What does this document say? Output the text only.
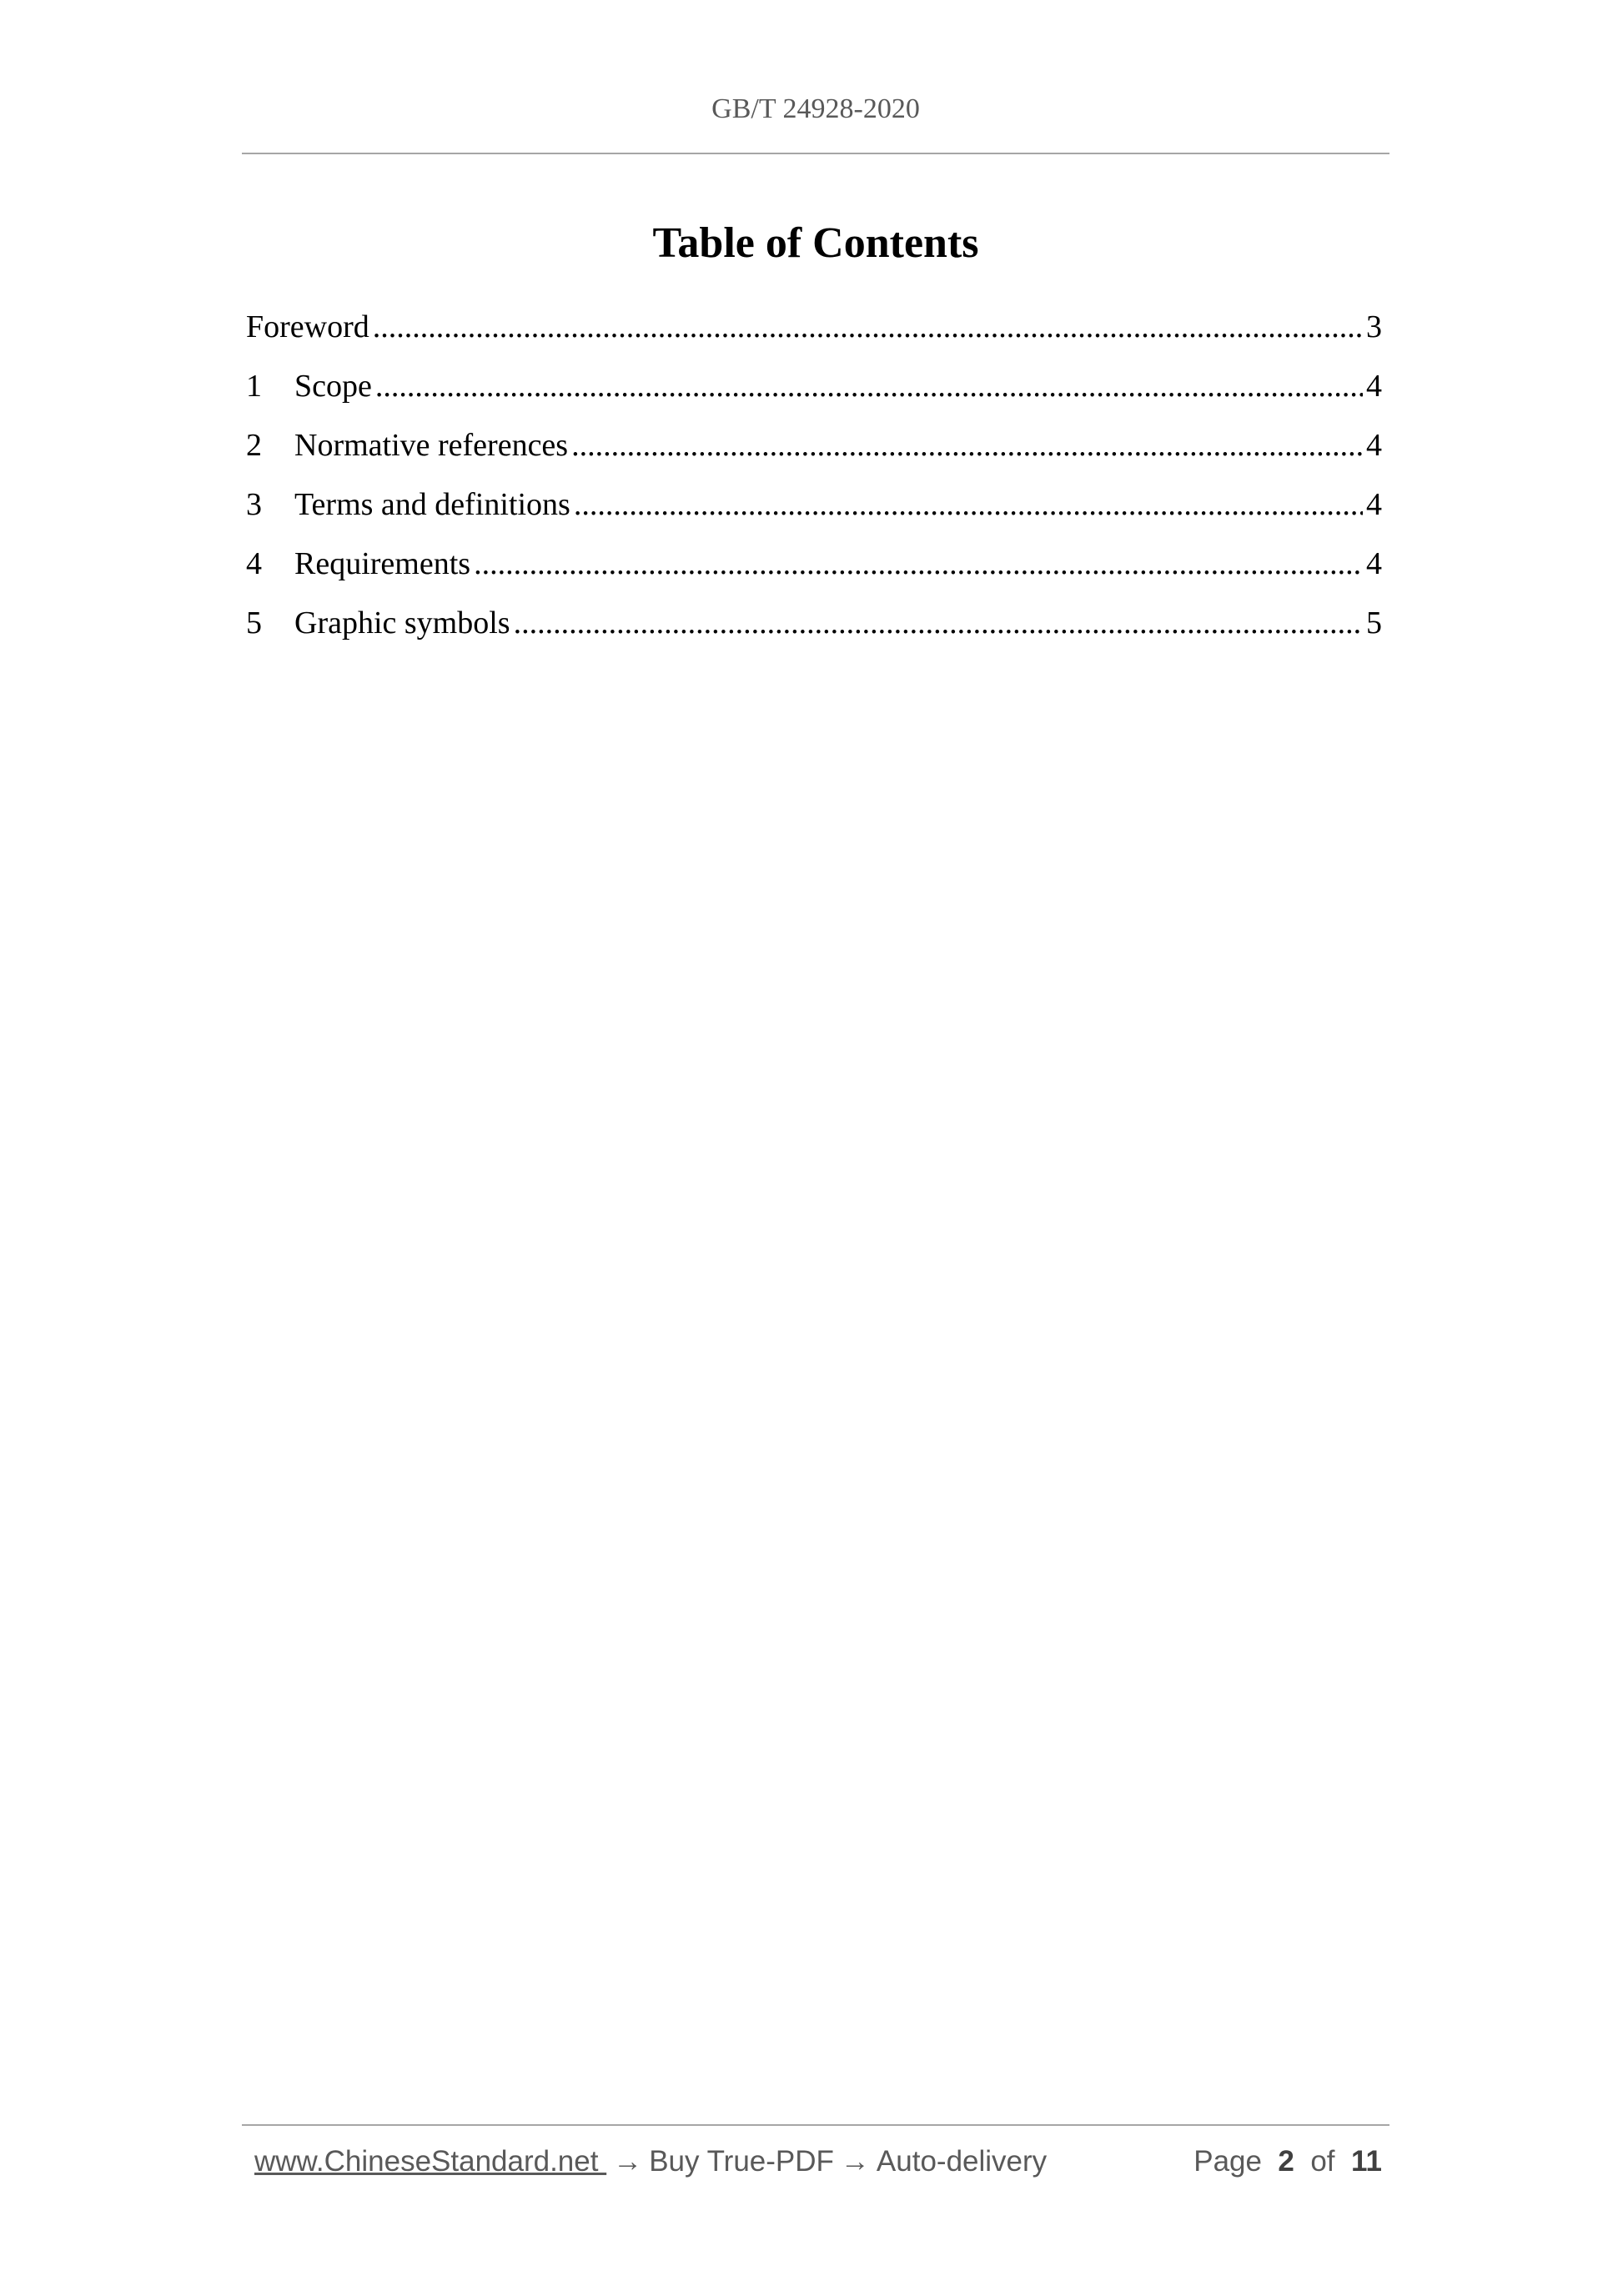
GB/T 24928-2020
Table of Contents
Foreword .....	3
1	Scope .....	4
2	Normative references .....	4
3	Terms and definitions .....	4
4	Requirements .....	4
5	Graphic symbols .....	5
www.ChineseStandard.net → Buy True-PDF → Auto-delivery	Page 2 of 11
